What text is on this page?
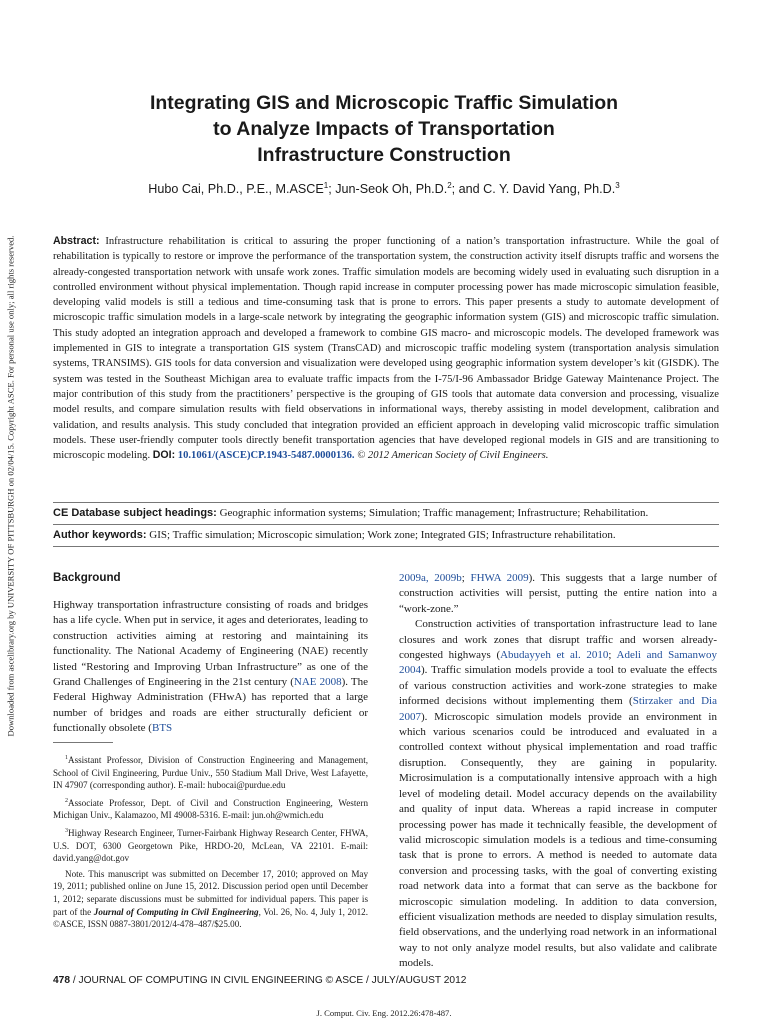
Downloaded from ascelibrary.org by UNIVERSITY OF PITTSBURGH on 02/04/15. Copyright ASCE. For personal use only; all rights reserved.
Integrating GIS and Microscopic Traffic Simulation
to Analyze Impacts of Transportation
Infrastructure Construction
Hubo Cai, Ph.D., P.E., M.ASCE$^1$; Jun-Seok Oh, Ph.D.$^2$; and C. Y. David Yang, Ph.D.$^3$
Abstract: Infrastructure rehabilitation is critical to assuring the proper functioning of a nation’s transportation infrastructure. While the goal of rehabilitation is typically to restore or improve the performance of the transportation system, the construction activity itself disrupts traffic and worsens the already-congested transportation network with unsafe work zones. Traffic simulation models are becoming widely used in evaluating such disruption in a controlled environment without physical implementation. Though rapid increase in computer processing power has made microscopic simulation feasible, developing valid models is still a tedious and time-consuming task that is prone to errors. This paper presents a study to automate development of microscopic traffic simulation models in a large-scale network by integrating the geographic information system (GIS) and microscopic traffic simulation. This study adopted an integration approach and developed a framework to combine GIS macro- and microscopic models. The developed framework was implemented in GIS to integrate a transportation GIS system (TransCAD) and microscopic traffic modeling system (transportation analysis simulation systems, TRANSIMS). GIS tools for data conversion and visualization were developed using geographic information system developer’s kit (GISDK). The system was tested in the Southeast Michigan area to evaluate traffic impacts from the I-75/I-96 Ambassador Bridge Gateway Maintenance Project. The major contribution of this study from the practitioners’ perspective is the grouping of GIS tools that automate data conversion and processing, visualize model results, and compare simulation results with field observations in informational ways, thereby assisting in model development, calibration and validation, and results analysis. This study concluded that integration provided an efficient approach in developing valid microscopic traffic simulation models. These user-friendly computer tools directly benefit transportation agencies that have developed regional models in GIS and are transitioning to microscopic modeling. DOI: 10.1061/(ASCE)CP.1943-5487.0000136. © 2012 American Society of Civil Engineers.
CE Database subject headings: Geographic information systems; Simulation; Traffic management; Infrastructure; Rehabilitation.
Author keywords: GIS; Traffic simulation; Microscopic simulation; Work zone; Integrated GIS; Infrastructure rehabilitation.
Background

Highway transportation infrastructure consisting of roads and bridges has a life cycle. When put in service, it ages and deteriorates, leading to construction activities aiming at restoring and maintaining its functionality. The National Academy of Engineering (NAE) recently listed “Restoring and Improving Urban Infrastructure” as one of the Grand Challenges of Engineering in the 21st century (NAE 2008). The Federal Highway Administration (FHwA) has reported that a large number of bridges and roads are either structurally deficient or functionally obsolete (BTS

$^1$Assistant Professor, Division of Construction Engineering and Management, School of Civil Engineering, Purdue Univ., 550 Stadium Mall Drive, West Lafayette, IN 47907 (corresponding author). E-mail: hubocai@purdue.edu

$^2$Associate Professor, Dept. of Civil and Construction Engineering, Western Michigan Univ., Kalamazoo, MI 49008-5316. E-mail: jun.oh@wmich.edu

$^3$Highway Research Engineer, Turner-Fairbank Highway Research Center, FHWA, U.S. DOT, 6300 Georgetown Pike, HRDO-20, McLean, VA 22101. E-mail: david.yang@dot.gov

Note. This manuscript was submitted on December 17, 2010; approved on May 19, 2011; published online on June 15, 2012. Discussion period open until December 1, 2012; separate discussions must be submitted for individual papers. This paper is part of the Journal of Computing in Civil Engineering, Vol. 26, No. 4, July 1, 2012. ©ASCE, ISSN 0887-3801/2012/4-478–487/$25.00.

2009a, 2009b; FHWA 2009). This suggests that a large number of construction activities will persist, putting the entire nation into a “work-zone.”

Construction activities of transportation infrastructure lead to lane closures and work zones that disrupt traffic and worsen already-congested highways (Abudayyeh et al. 2010; Adeli and Samanwoy 2004). Traffic simulation models provide a tool to evaluate the effects of various construction activities and work-zone strategies to make informed decisions without implementing them (Stirzaker and Dia 2007). Microscopic simulation models provide an environment in which various scenarios could be introduced and evaluated in a controlled context without physical implementation and road traffic disruption. Consequently, they are gaining in popularity. Microsimulation is a computationally intensive approach with a high level of modeling detail. Model accuracy depends on the availability and quality of input data. Whereas a rapid increase in computer processing power has made it technically feasible, the development of valid microscopic simulation models is a tedious and time-consuming task that is prone to errors. A method is needed to automate data conversion and processing tasks, with the goal of converting existing road network data into a format that can serve as the backbone for microscopic simulation modeling. In addition to data conversion, efficient visualization methods are needed to display simulation results, field observations, and the underlying road network in an informational way to not only analyze model results, but also validate and calibrate models.

478 / JOURNAL OF COMPUTING IN CIVIL ENGINEERING © ASCE / JULY/AUGUST 2012
J. Comput. Civ. Eng. 2012.26:478-487.
